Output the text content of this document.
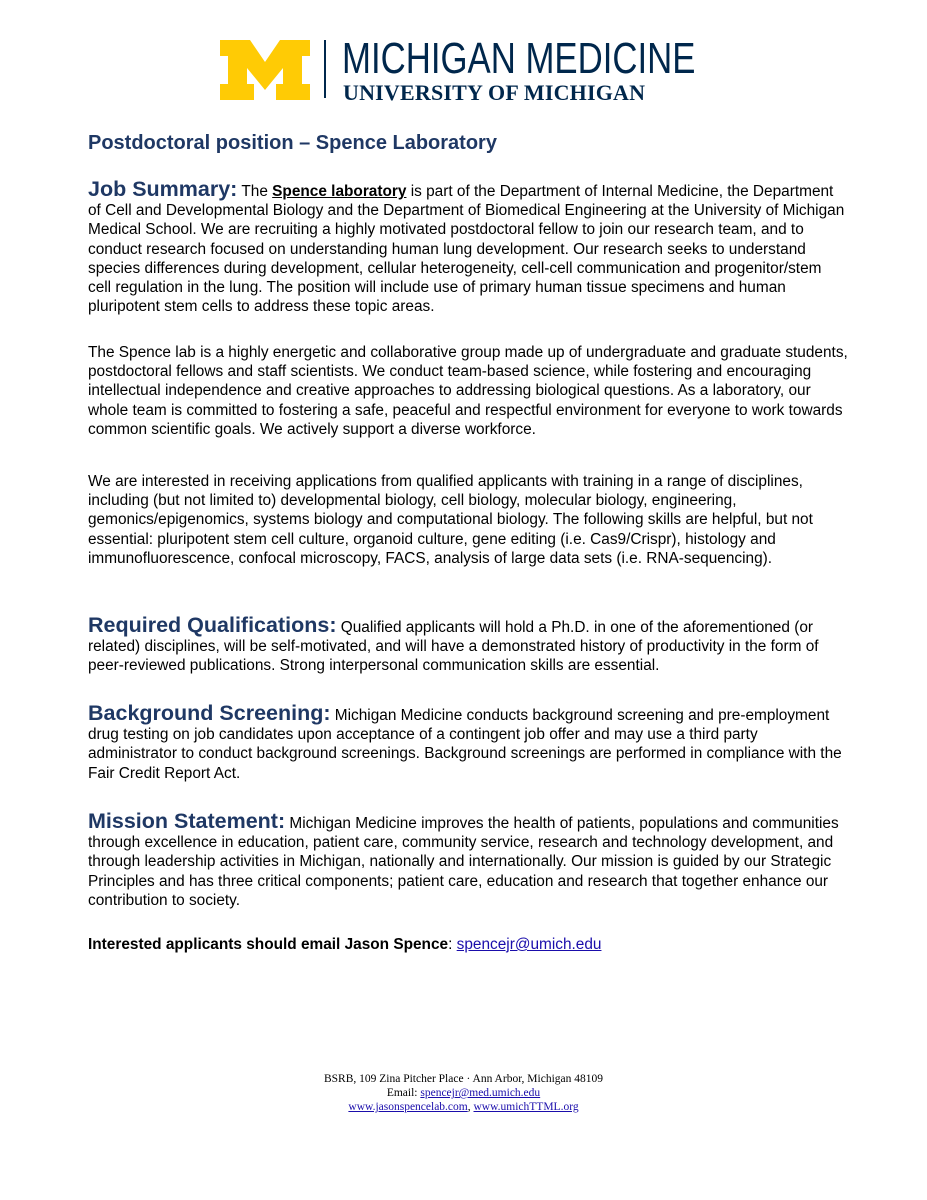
MICHIGAN MEDICINE
UNIVERSITY OF MICHIGAN
Postdoctoral position – Spence Laboratory

Job Summary: The Spence laboratory is part of the Department of Internal Medicine, the Department of Cell and Developmental Biology and the Department of Biomedical Engineering at the University of Michigan Medical School. We are recruiting a highly motivated postdoctoral fellow to join our research team, and to conduct research focused on understanding human lung development. Our research seeks to understand species differences during development, cellular heterogeneity, cell-cell communication and progenitor/stem cell regulation in the lung. The position will include use of primary human tissue specimens and human pluripotent stem cells to address these topic areas.

The Spence lab is a highly energetic and collaborative group made up of undergraduate and graduate students, postdoctoral fellows and staff scientists. We conduct team-based science, while fostering and encouraging intellectual independence and creative approaches to addressing biological questions. As a laboratory, our whole team is committed to fostering a safe, peaceful and respectful environment for everyone to work towards common scientific goals. We actively support a diverse workforce.

We are interested in receiving applications from qualified applicants with training in a range of disciplines, including (but not limited to) developmental biology, cell biology, molecular biology, engineering, gemonics/epigenomics, systems biology and computational biology. The following skills are helpful, but not essential: pluripotent stem cell culture, organoid culture, gene editing (i.e. Cas9/Crispr), histology and immunofluorescence, confocal microscopy, FACS, analysis of large data sets (i.e. RNA-sequencing).

Required Qualifications: Qualified applicants will hold a Ph.D. in one of the aforementioned (or related) disciplines, will be self-motivated, and will have a demonstrated history of productivity in the form of peer-reviewed publications. Strong interpersonal communication skills are essential.

Background Screening: Michigan Medicine conducts background screening and pre-employment drug testing on job candidates upon acceptance of a contingent job offer and may use a third party administrator to conduct background screenings. Background screenings are performed in compliance with the Fair Credit Report Act.

Mission Statement: Michigan Medicine improves the health of patients, populations and communities through excellence in education, patient care, community service, research and technology development, and through leadership activities in Michigan, nationally and internationally. Our mission is guided by our Strategic Principles and has three critical components; patient care, education and research that together enhance our contribution to society.

Interested applicants should email Jason Spence: spencejr@umich.edu
BSRB, 109 Zina Pitcher Place · Ann Arbor, Michigan 48109
Email: spencejr@med.umich.edu
www.jasonspencelab.com, www.umichTTML.org
